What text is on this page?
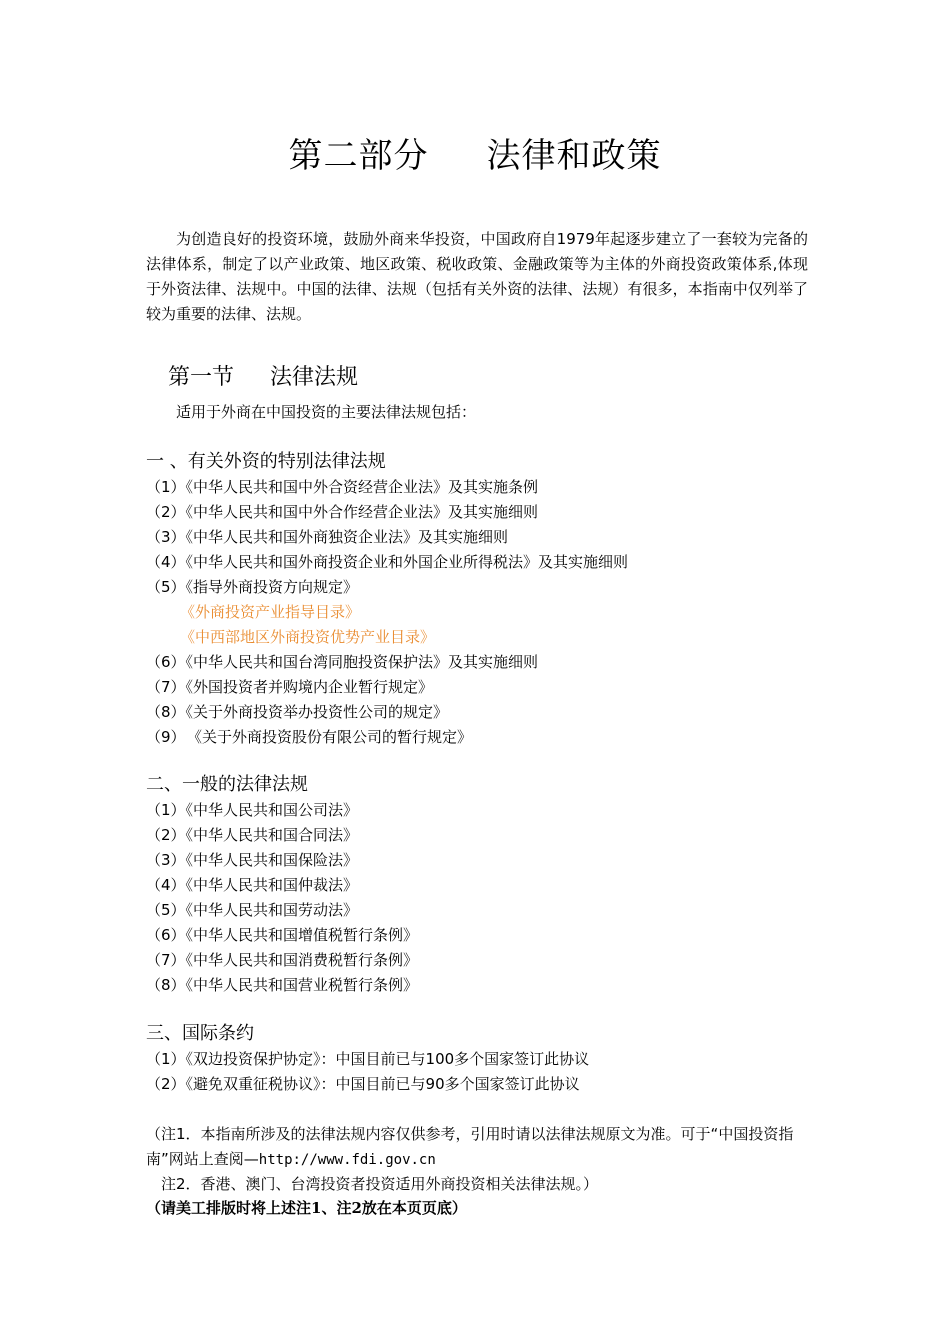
第二部分 法律和政策

为创造良好的投资环境，鼓励外商来华投资，中国政府自1979年起逐步建立了一套较为完备的法律体系，制定了以产业政策、地区政策、税收政策、金融政策等为主体的外商投资政策体系,体现于外资法律、法规中。中国的法律、法规（包括有关外资的法律、法规）有很多，本指南中仅列举了较为重要的法律、法规。

第一节 法律法规
适用于外商在中国投资的主要法律法规包括：
一 、有关外资的特别法律法规
（1）《中华人民共和国中外合资经营企业法》及其实施条例
（2）《中华人民共和国中外合作经营企业法》及其实施细则
（3）《中华人民共和国外商独资企业法》及其实施细则
（4）《中华人民共和国外商投资企业和外国企业所得税法》及其实施细则
（5）《指导外商投资方向规定》
《外商投资产业指导目录》
《中西部地区外商投资优势产业目录》
（6）《中华人民共和国台湾同胞投资保护法》及其实施细则
（7）《外国投资者并购境内企业暂行规定》
（8）《关于外商投资举办投资性公司的规定》
（9） 《关于外商投资股份有限公司的暂行规定》
二、一般的法律法规
（1）《中华人民共和国公司法》
（2）《中华人民共和国合同法》
（3）《中华人民共和国保险法》
（4）《中华人民共和国仲裁法》
（5）《中华人民共和国劳动法》
（6）《中华人民共和国增值税暂行条例》
（7）《中华人民共和国消费税暂行条例》
（8）《中华人民共和国营业税暂行条例》
三、国际条约
（1）《双边投资保护协定》：中国目前已与100多个国家签订此协议
（2）《避免双重征税协议》：中国目前已与90多个国家签订此协议

（注1．本指南所涉及的法律法规内容仅供参考，引用时请以法律法规原文为准。可于“中国投资指南”网站上查阅—http://www.fdi.gov.cn

注2．香港、澳门、台湾投资者投资适用外商投资相关法律法规。）

（请美工排版时将上述注1、注2放在本页页底）
